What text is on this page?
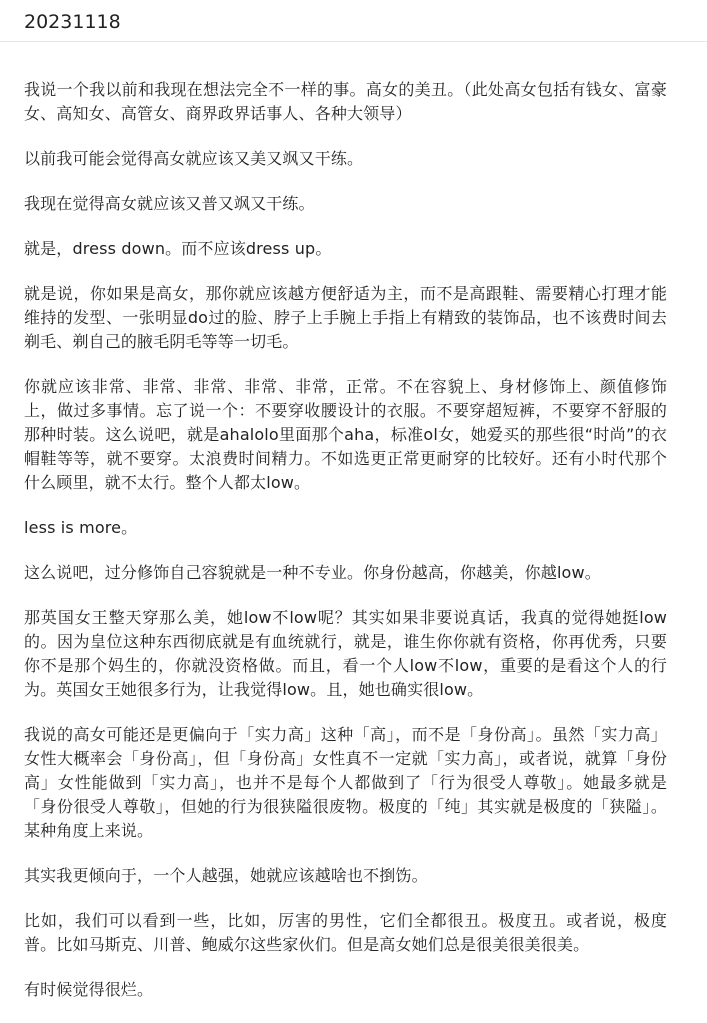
20231118

我说一个我以前和我现在想法完全不一样的事。高女的美丑。（此处高女包括有钱女、富豪女、高知女、高管女、商界政界话事人、各种大领导）

以前我可能会觉得高女就应该又美又飒又干练。

我现在觉得高女就应该又普又飒又干练。

就是，dress down。而不应该dress up。

就是说，你如果是高女，那你就应该越方便舒适为主，而不是高跟鞋、需要精心打理才能维持的发型、一张明显do过的脸、脖子上手腕上手指上有精致的装饰品，也不该费时间去剃毛、剃自己的腋毛阴毛等等一切毛。

你就应该非常、非常、非常、非常、非常，正常。不在容貌上、身材修饰上、颜值修饰上，做过多事情。忘了说一个：不要穿收腰设计的衣服。不要穿超短裤，不要穿不舒服的那种时装。这么说吧，就是ahalolo里面那个aha，标准ol女，她爱买的那些很“时尚”的衣帽鞋等等，就不要穿。太浪费时间精力。不如选更正常更耐穿的比较好。还有小时代那个什么顾里，就不太行。整个人都太low。

less is more。

这么说吧，过分修饰自己容貌就是一种不专业。你身份越高，你越美，你越low。

那英国女王整天穿那么美，她low不low呢？其实如果非要说真话，我真的觉得她挺low的。因为皇位这种东西彻底就是有血统就行，就是，谁生你你就有资格，你再优秀，只要你不是那个妈生的，你就没资格做。而且，看一个人low不low，重要的是看这个人的行为。英国女王她很多行为，让我觉得low。且，她也确实很low。

我说的高女可能还是更偏向于「实力高」这种「高」，而不是「身份高」。虽然「实力高」女性大概率会「身份高」，但「身份高」女性真不一定就「实力高」，或者说，就算「身份高」女性能做到「实力高」，也并不是每个人都做到了「行为很受人尊敬」。她最多就是「身份很受人尊敬」，但她的行为很狭隘很废物。极度的「纯」其实就是极度的「狭隘」。某种角度上来说。

其实我更倾向于，一个人越强，她就应该越啥也不捯饬。

比如，我们可以看到一些，比如，厉害的男性，它们全都很丑。极度丑。或者说，极度普。比如马斯克、川普、鲍威尔这些家伙们。但是高女她们总是很美很美很美。

有时候觉得很烂。
